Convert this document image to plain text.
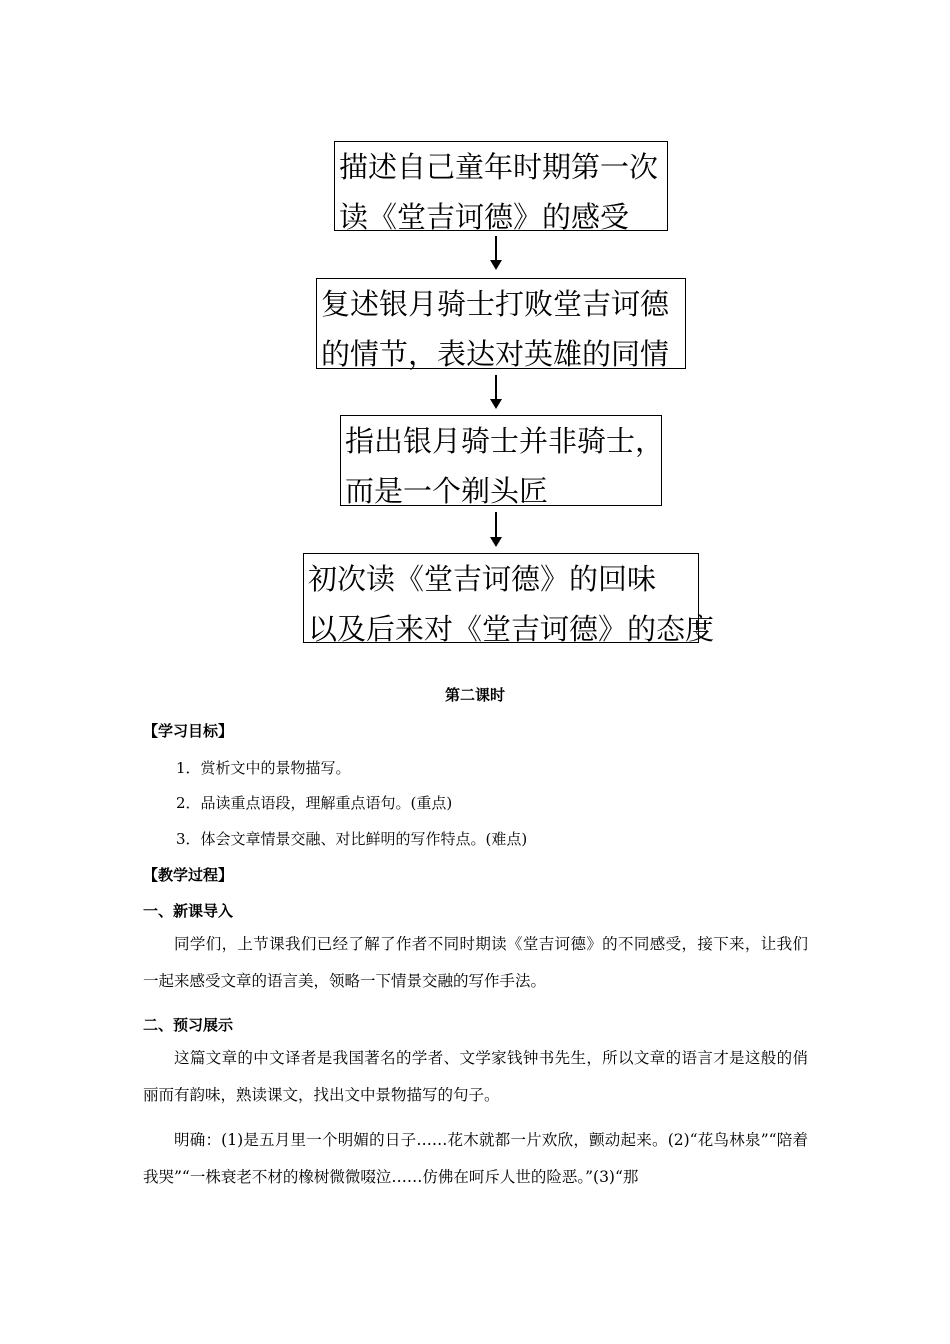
描述自己童年时期第一次
读《堂吉诃德》的感受
复述银月骑士打败堂吉诃德
的情节，表达对英雄的同情
指出银月骑士并非骑士，
而是一个剃头匠
初次读《堂吉诃德》的回味
以及后来对《堂吉诃德》的态度
第二课时
【学习目标】
1．赏析文中的景物描写。
2．品读重点语段，理解重点语句。(重点)
3．体会文章情景交融、对比鲜明的写作特点。(难点)
【教学过程】
一、新课导入
同学们，上节课我们已经了解了作者不同时期读《堂吉诃德》的不同感受，接下来，让我们一起来感受文章的语言美，领略一下情景交融的写作手法。
二、预习展示
这篇文章的中文译者是我国著名的学者、文学家钱钟书先生，所以文章的语言才是这般的俏丽而有韵味，熟读课文，找出文中景物描写的句子。
明确：(1)是五月里一个明媚的日子……花木就都一片欢欣，颤动起来。(2)“花鸟林泉”“陪着我哭”“一株衰老不材的橡树微微啜泣……仿佛在呵斥人世的险恶。”(3)“那
